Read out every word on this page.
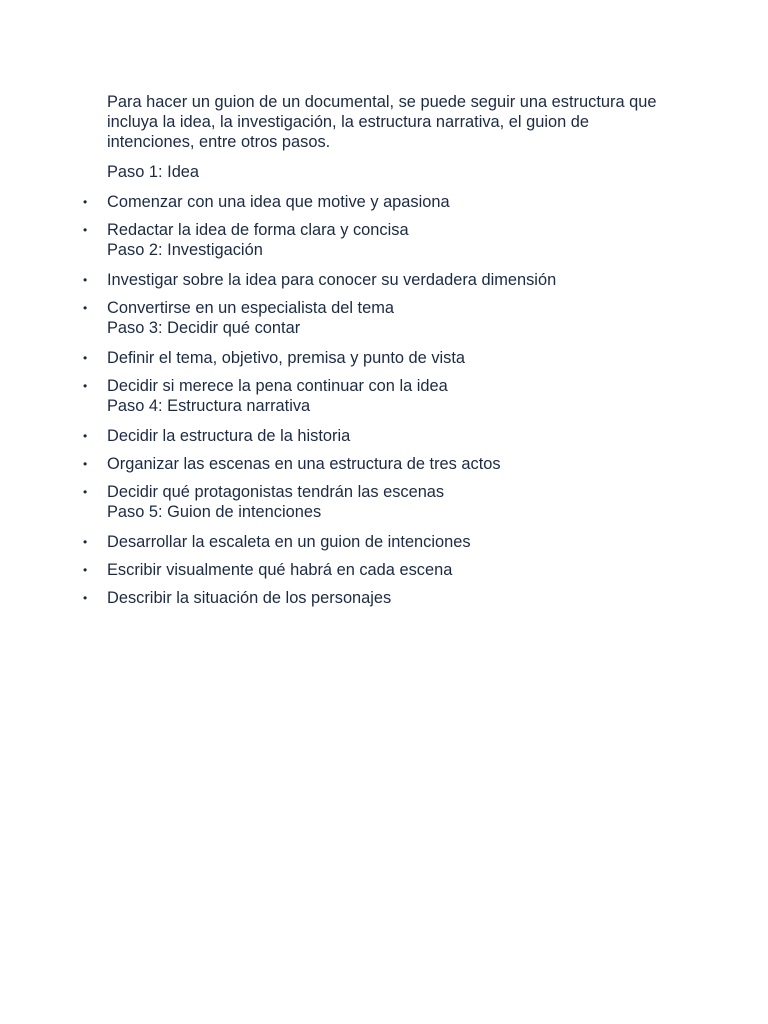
Para hacer un guion de un documental, se puede seguir una estructura que incluya la idea, la investigación, la estructura narrativa, el guion de intenciones, entre otros pasos.

Paso 1: Idea

• Comenzar con una idea que motive y apasiona
• Redactar la idea de forma clara y concisa
Paso 2: Investigación
• Investigar sobre la idea para conocer su verdadera dimensión
• Convertirse en un especialista del tema
Paso 3: Decidir qué contar
• Definir el tema, objetivo, premisa y punto de vista
• Decidir si merece la pena continuar con la idea
Paso 4: Estructura narrativa
• Decidir la estructura de la historia
• Organizar las escenas en una estructura de tres actos
• Decidir qué protagonistas tendrán las escenas
Paso 5: Guion de intenciones
• Desarrollar la escaleta en un guion de intenciones
• Escribir visualmente qué habrá en cada escena
• Describir la situación de los personajes
